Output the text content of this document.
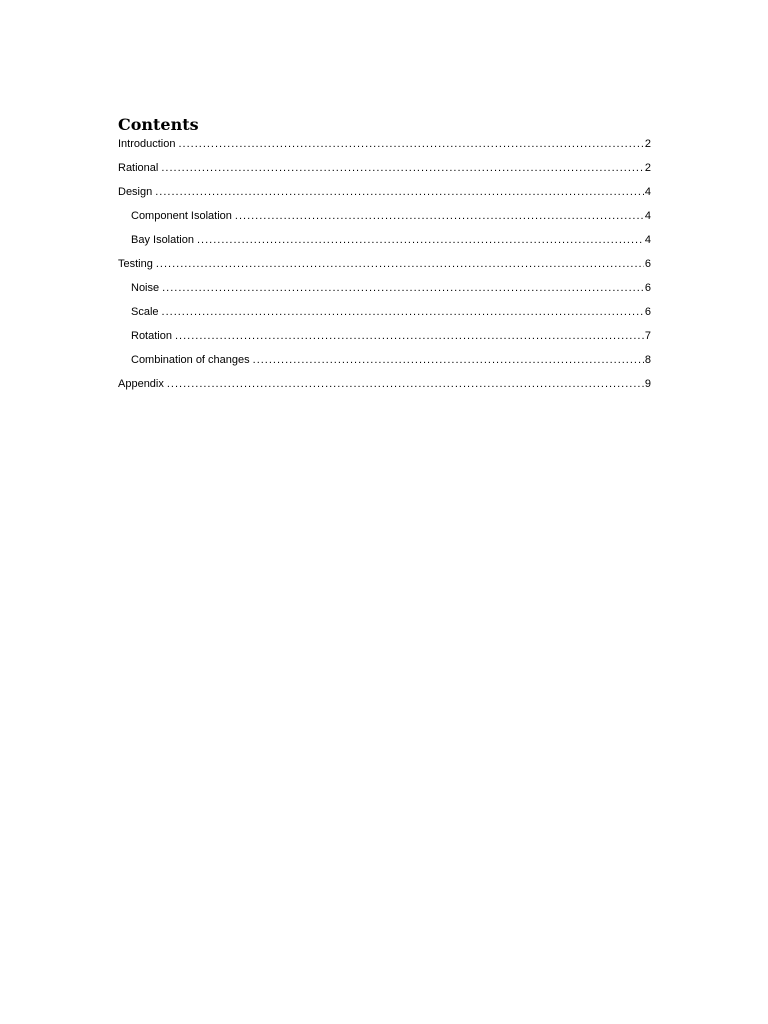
Contents
Introduction .....	2
Rational .....	2
Design .....	4
Component Isolation .....	4
Bay Isolation .....	4
Testing .....	6
Noise .....	6
Scale .....	6
Rotation .....	7
Combination of changes .....	8
Appendix .....	9
